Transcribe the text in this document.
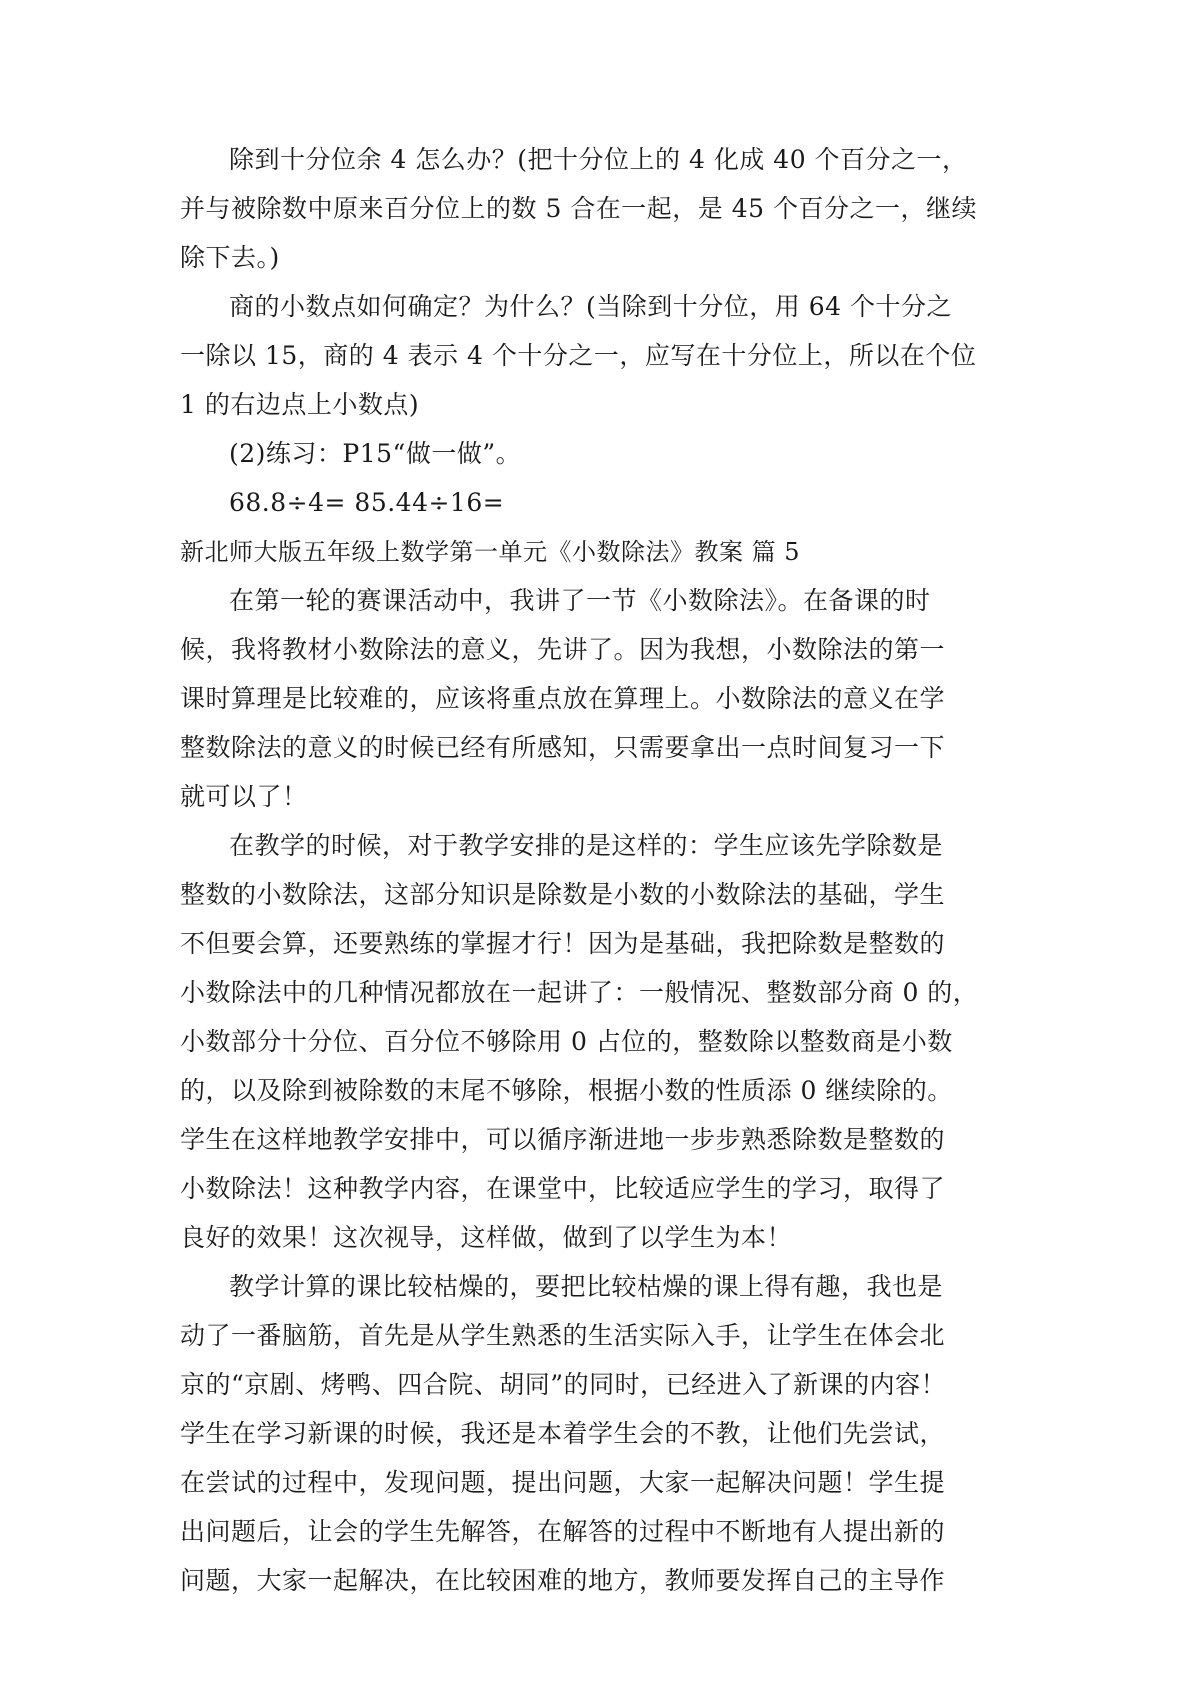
除到十分位余 4 怎么办？(把十分位上的 4 化成 40 个百分之一，
并与被除数中原来百分位上的数 5 合在一起，是 45 个百分之一，继续
除下去。)
商的小数点如何确定？为什么？(当除到十分位，用 64 个十分之
一除以 15，商的 4 表示 4 个十分之一，应写在十分位上，所以在个位
1 的右边点上小数点)
(2)练习：P15“做一做”。
68.8÷4= 85.44÷16=
新北师大版五年级上数学第一单元《小数除法》教案 篇 5
在第一轮的赛课活动中，我讲了一节《小数除法》。在备课的时
候，我将教材小数除法的意义，先讲了。因为我想，小数除法的第一
课时算理是比较难的，应该将重点放在算理上。小数除法的意义在学
整数除法的意义的时候已经有所感知，只需要拿出一点时间复习一下
就可以了！
在教学的时候，对于教学安排的是这样的：学生应该先学除数是
整数的小数除法，这部分知识是除数是小数的小数除法的基础，学生
不但要会算，还要熟练的掌握才行！因为是基础，我把除数是整数的
小数除法中的几种情况都放在一起讲了：一般情况、整数部分商 0 的，
小数部分十分位、百分位不够除用 0 占位的，整数除以整数商是小数
的，以及除到被除数的末尾不够除，根据小数的性质添 0 继续除的。
学生在这样地教学安排中，可以循序渐进地一步步熟悉除数是整数的
小数除法！这种教学内容，在课堂中，比较适应学生的学习，取得了
良好的效果！这次视导，这样做，做到了以学生为本！
教学计算的课比较枯燥的，要把比较枯燥的课上得有趣，我也是
动了一番脑筋，首先是从学生熟悉的生活实际入手，让学生在体会北
京的“京剧、烤鸭、四合院、胡同”的同时，已经进入了新课的内容！
学生在学习新课的时候，我还是本着学生会的不教，让他们先尝试，
在尝试的过程中，发现问题，提出问题，大家一起解决问题！学生提
出问题后，让会的学生先解答，在解答的过程中不断地有人提出新的
问题，大家一起解决，在比较困难的地方，教师要发挥自己的主导作
